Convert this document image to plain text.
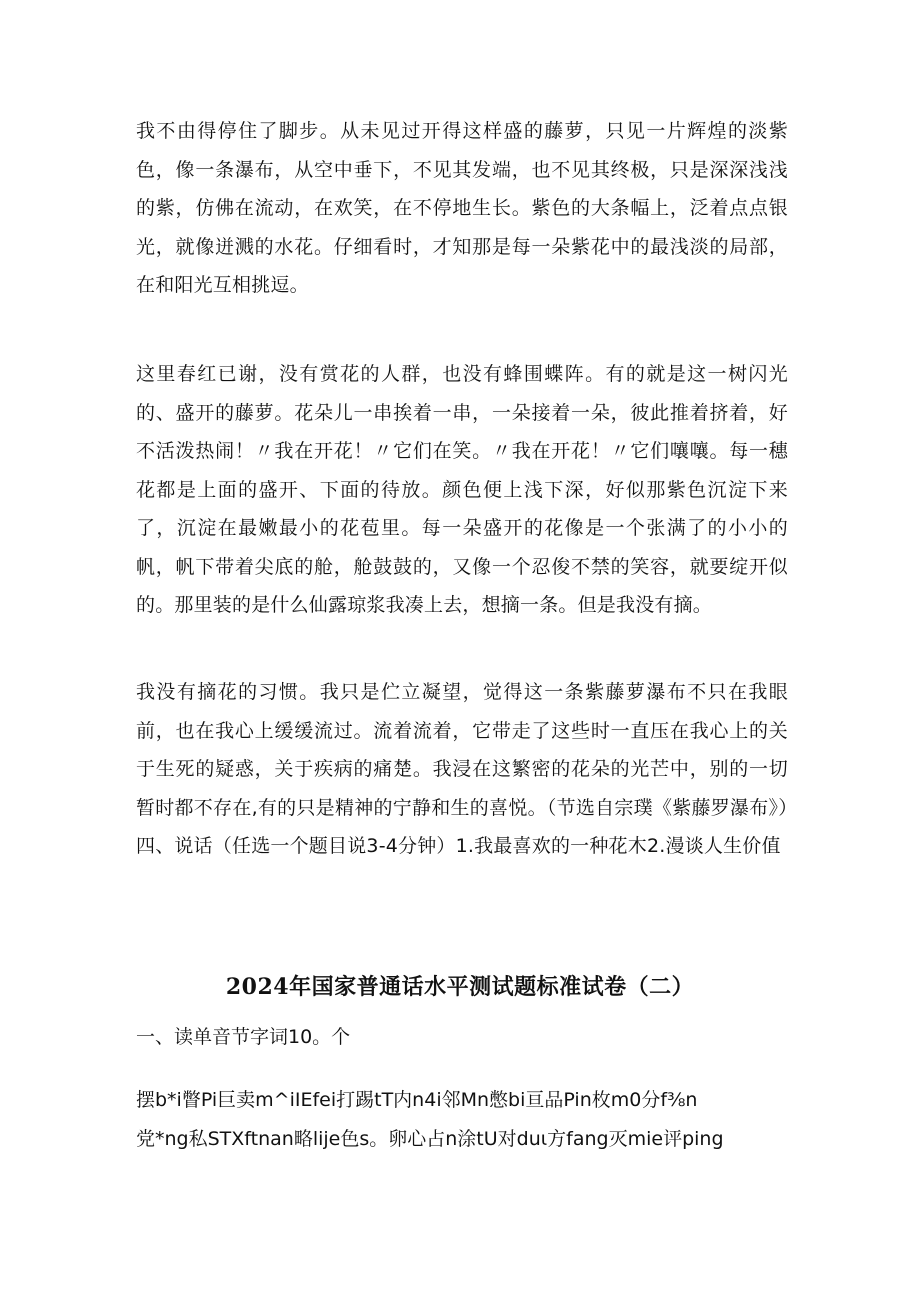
我不由得停住了脚步。从未见过开得这样盛的藤萝，只见一片辉煌的淡紫色，像一条瀑布，从空中垂下，不见其发端，也不见其终极，只是深深浅浅的紫，仿佛在流动，在欢笑，在不停地生长。紫色的大条幅上，泛着点点银光，就像迸溅的水花。仔细看时，才知那是每一朵紫花中的最浅淡的局部，在和阳光互相挑逗。

这里春红已谢，没有赏花的人群，也没有蜂围蝶阵。有的就是这一树闪光的、盛开的藤萝。花朵儿一串挨着一串，一朵接着一朵，彼此推着挤着，好不活泼热闹！〃我在开花！〃它们在笑。〃我在开花！〃它们嚷嚷。每一穗花都是上面的盛开、下面的待放。颜色便上浅下深，好似那紫色沉淀下来了，沉淀在最嫩最小的花苞里。每一朵盛开的花像是一个张满了的小小的帆，帆下带着尖底的舱，舱鼓鼓的，又像一个忍俊不禁的笑容，就要绽开似的。那里装的是什么仙露琼浆我凑上去，想摘一条。但是我没有摘。

我没有摘花的习惯。我只是伫立凝望，觉得这一条紫藤萝瀑布不只在我眼前，也在我心上缓缓流过。流着流着，它带走了这些时一直压在我心上的关于生死的疑惑，关于疾病的痛楚。我浸在这繁密的花朵的光芒中，别的一切暂时都不存在,有的只是精神的宁静和生的喜悦。（节选自宗璞《紫藤罗瀑布》）四、说话（任选一个题目说3-4分钟）1.我最喜欢的一种花木2.漫谈人生价值

2024年国家普通话水平测试题标准试卷（二）

一、读单音节字词10。个

摆b*i瞥Pi巨卖m^iIEfei打踢tT内n4i邻Mn憋bi亘品Pin枚m0分f⅜n

党*ng私STXftnan略lije色s。卵心占n涂tU对duι方fang灭mie评ping
